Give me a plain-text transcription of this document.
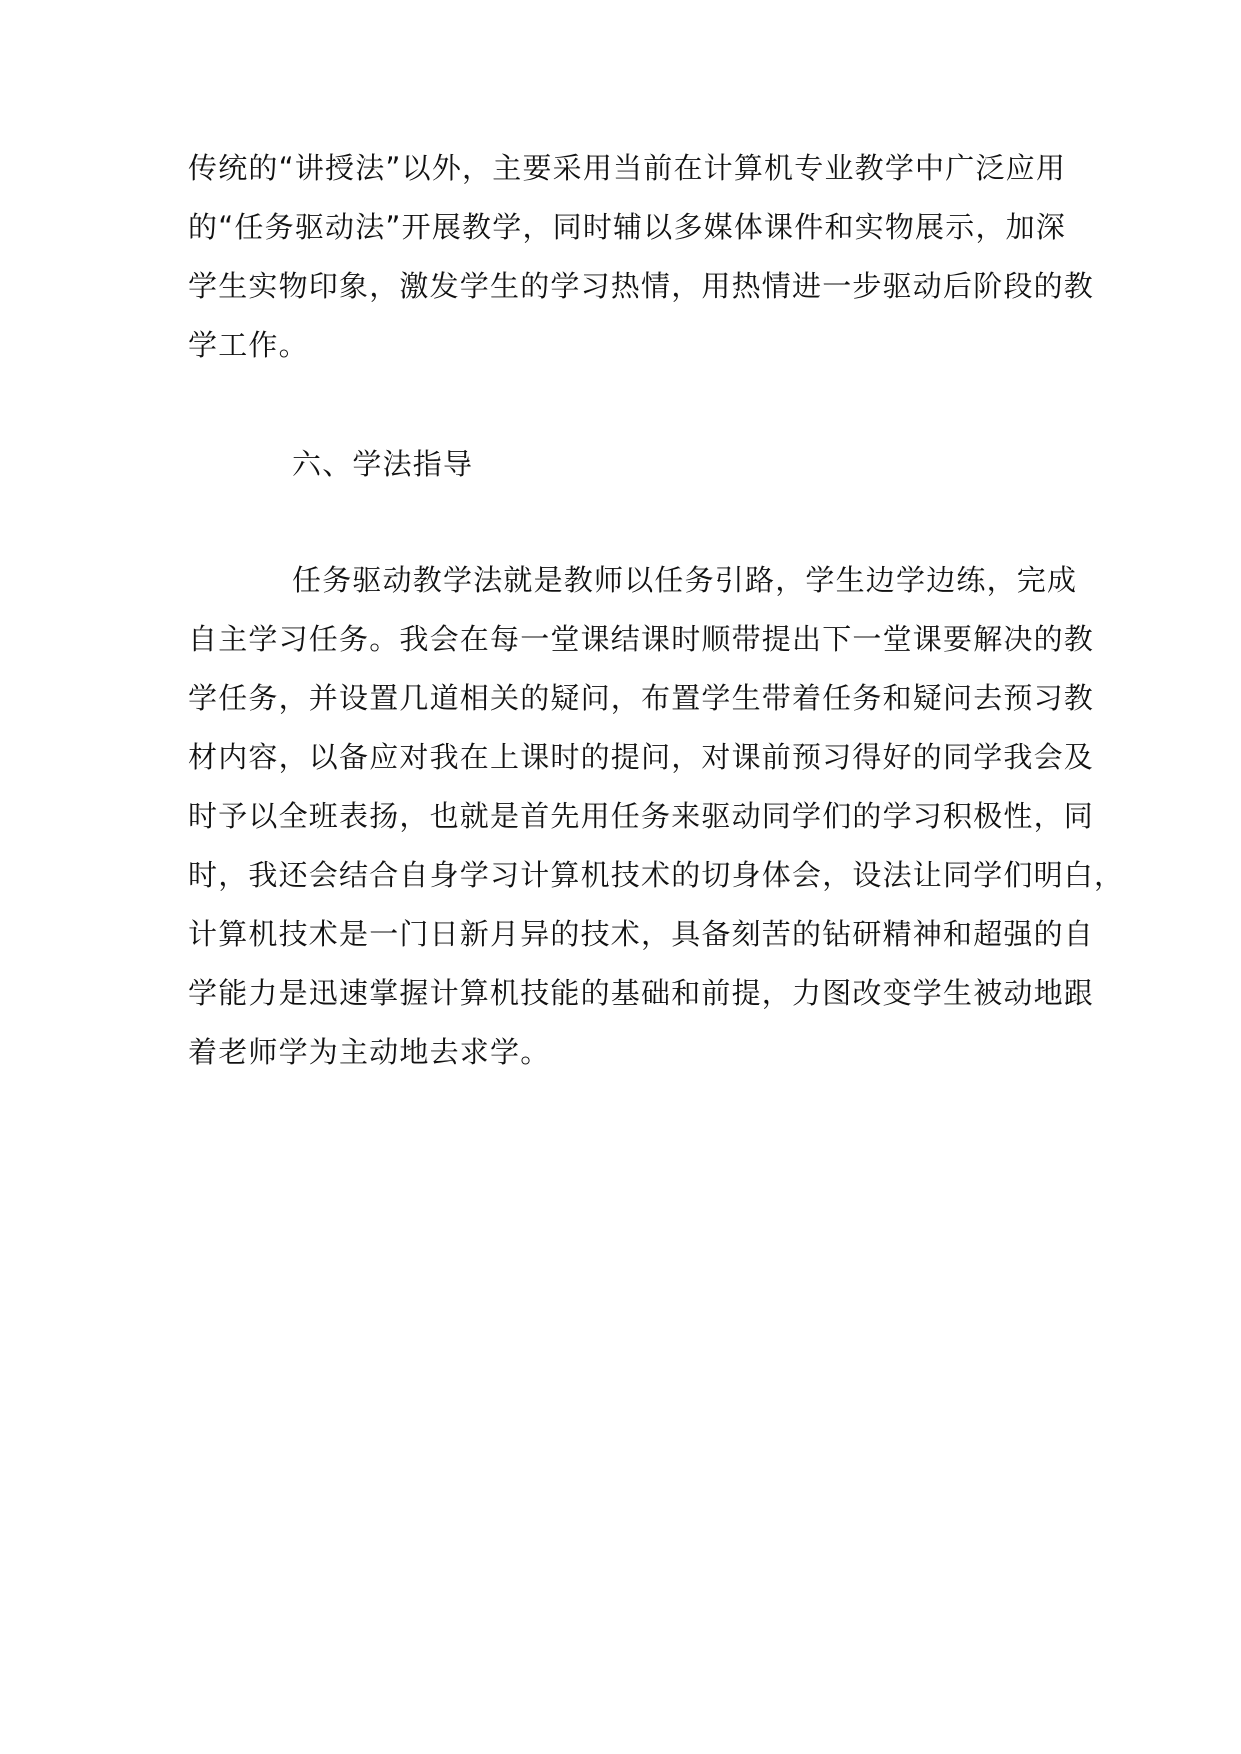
传统的“讲授法”以外，主要采用当前在计算机专业教学中广泛应用
的“任务驱动法”开展教学，同时辅以多媒体课件和实物展示，加深
学生实物印象，激发学生的学习热情，用热情进一步驱动后阶段的教
学工作。
六、学法指导
任务驱动教学法就是教师以任务引路，学生边学边练，完成
自主学习任务。我会在每一堂课结课时顺带提出下一堂课要解决的教
学任务，并设置几道相关的疑问，布置学生带着任务和疑问去预习教
材内容，以备应对我在上课时的提问，对课前预习得好的同学我会及
时予以全班表扬，也就是首先用任务来驱动同学们的学习积极性，同
时，我还会结合自身学习计算机技术的切身体会，设法让同学们明白，
计算机技术是一门日新月异的技术，具备刻苦的钻研精神和超强的自
学能力是迅速掌握计算机技能的基础和前提，力图改变学生被动地跟
着老师学为主动地去求学。
